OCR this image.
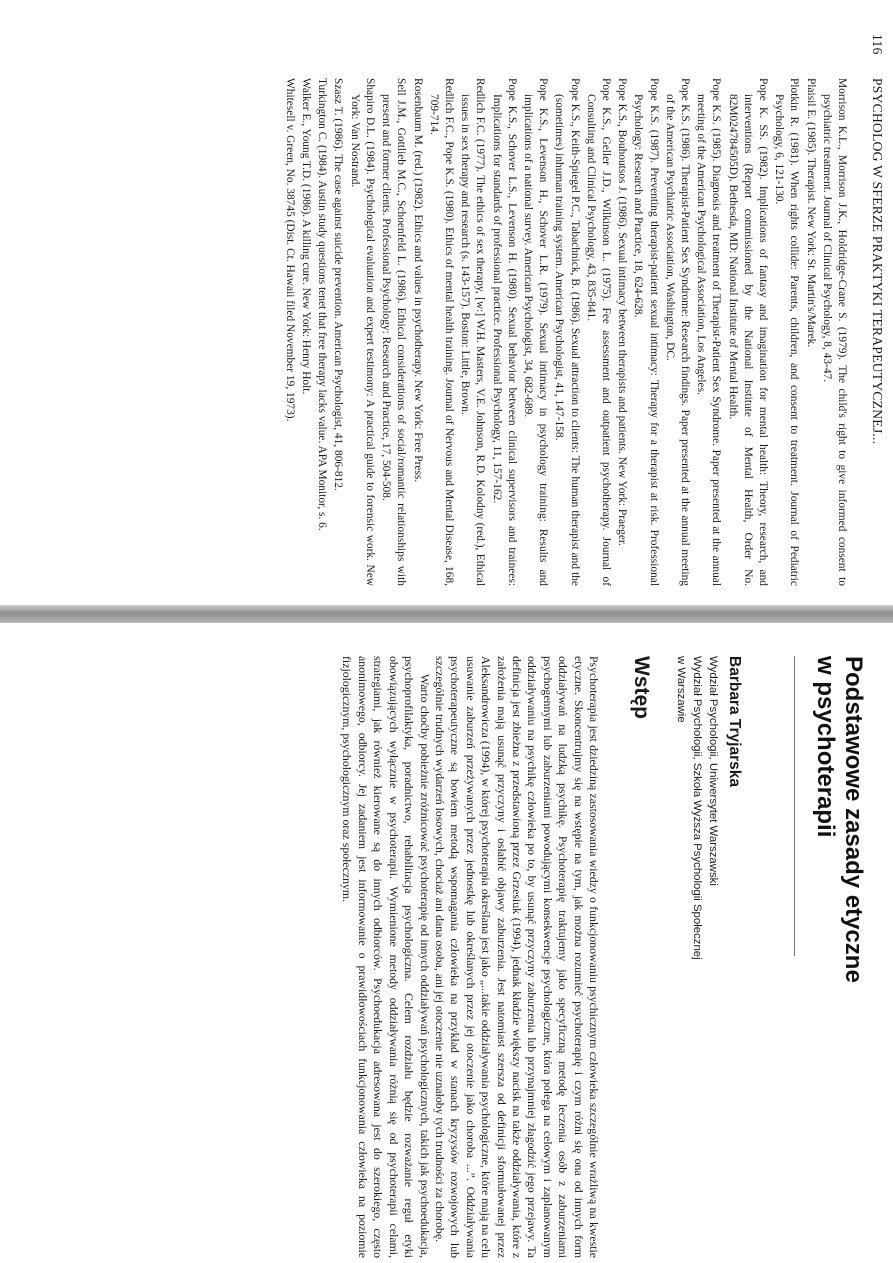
116
PSYCHOLOG W SFERZE PRAKTYKI TERAPEUTYCZNEJ...

Morrison K.L., Morrison J.K., Holdridge-Crane S. (1979). The child's right to give informed consent to psychiatric treatment. Journal of Clinical Psychology, 8, 43-47.

Plaisil E. (1985). Therapist. New York: St. Martin's/Marek.

Plotkin R. (1981). When rights collide: Parents, children, and consent to treatment. Journal of Pediatric Psychology, 6, 121-130.

Pope K. SS. (1982). Implications of fantasy and imagination for mental health: Theory, research, and interventions (Report commissioned by the National Institute of Mental Health, Order No. 82M024784505D). Bethesda, MD: National Institute of Mental Health.

Pope K.S. (1985). Diagnosis and treatment of Therapist-Patient Sex Syndrome. Paper presented at the annual meeting of the American Psychological Association, Los Angeles.

Pope K.S. (1986). Therapist-Patient Sex Syndrome: Research findings. Paper presented at the annual meeting of the American Psychiatric Association, Washington, DC.

Pope K.S. (1987). Preventing therapist-patient sexual intimacy: Therapy for a therapist at risk. Professional Psychology: Research and Practice, 18, 624-628.

Pope K.S., Bouhoutsos J. (1986). Sexual intimacy between therapists and patients. New York: Praeger.

Pope K.S., Geller J.D., Wilkinson L. (1975). Fee assessment and outpatient psychotherapy. Journal of Consulting and Clinical Psychology, 43, 835-841.

Pope K.S., Keith-Spiegel P.C., Tabachnick, B. (1986). Sexual attraction to clients: The human therapist and the (sometimes) inhuman training system. American Psychologist, 41, 147-158.

Pope K.S., Levenson H., Schover L.R. (1979). Sexual intimacy in psychology training: Results and implications of a national survey. American Psychologist, 34, 682-689.

Pope K.S., Schover L.S., Levenson H. (1980). Sexual behavior between clinical supervisors and trainees: Implications for standards of professional practice. Professional Psychology, 11, 157-162.

Redlich F.C. (1977). The ethics of sex therapy, [w:] W.H. Masters, V.E. Johnson, R.D. Kolodny (red.), Ethical issues in sex therapy and research (s. 143-157). Boston: Little, Brown.

Redlich F.C., Pope K.S. (1980). Ethics of mental health training. Journal of Nervous and Mental Disease, 168, 709-714.

Rosenbaum M. (red.) (1982). Ethics and values in psychotherapy. New York: Free Press.

Sell J.M., Gottlieb M.C., Schoenfeld L. (1986). Ethical considerations of social/romantic relationships with present and former clients. Professional Psychology: Research and Practice, 17, 504-508.

Shapiro D.L. (1984). Psychological evaluation and expert testimony: A practical guide to forensic work. New York: Van Nostrand.

Szasz T. (1986). The case against suicide prevention. American Psychologist, 41, 806-812.

Turkington C. (1984). Austin study questions tenet that free therapy lacks value. APA Monitor, s. 6.

Walker E., Young T.D. (1986). A killing cure. New York: Henry Holt.

Whitesell v. Green, No. 38745 (Dist. Ct. Hawaii filed November 19, 1973).

Podstawowe zasady etyczne
w psychoterapii
Barbara Tryjarska
Wydział Psychologii, Uniwersytet Warszawski
Wydział Psychologii, Szkoła Wyższa Psychologii Społecznej
w Warszawie
Wstęp

Psychoterapia jest dziedziną zastosowania wiedzy o funkcjonowaniu psychicznym człowieka szczególnie wrażliwą na kwestie etyczne. Skoncentrujmy się na wstępie na tym, jak można rozumieć psychoterapię i czym różni się ona od innych form oddziaływań na ludzką psychikę. Psychoterapię traktujemy jako specyficzną metodę leczenia osób z zaburzeniami psychogennymi lub zaburzeniami powodującymi konsekwencje psychologiczne, która polega na celowym i zaplanowanym oddziaływaniu na psychikę człowieka po to, by usunąć przyczyny zaburzenia lub przynajmniej złagodzić jego przejawy. Ta definicja jest zbieżna z przedstawioną przez Grzesiuk (1994), jednak kładzie większy nacisk na także oddziaływania, które z założenia mają usunąć przyczyny i osłabić objawy zaburzenia. Jest natomiast szersza od definicji sformułowanej przez Aleksandrowicza (1994), w której psychoterapia określana jest jako „...takie oddziaływania psychologiczne, które mają na celu usuwanie zaburzeń przeżywanych przez jednostkę lub określanych przez jej otoczenie jako choroba ...”. Oddziaływania psychoterapeutyczne są bowiem metodą wspomagania człowieka na przykład w stanach kryzysów rozwojowych lub szczególnie trudnych wydarzeń losowych, chociaż ani dana osoba, ani jej otoczenie nie uznałoby tych trudności za chorobę.

Warto choćby pobieżnie zróżnicować psychoterapię od innych oddziaływań psychologicznych, takich jak psychoedukacja, psychoprofilaktyka, poradnictwo, rehabilitacja psychologiczna. Celem rozdziału będzie rozważanie reguł etyki obowiązujących wyłącznie w psychoterapii. Wymienione metody oddziaływania różnią się od psychoterapii celami, strategiami, jak również kierowane są do innych odbiorców. Psychoedukacja adresowana jest do szerokiego, często anonimowego, odbiorcy. Jej zadaniem jest informowanie o prawidłowościach funkcjonowania człowieka na poziomie fizjologicznym, psychologicznym oraz społecznym.
